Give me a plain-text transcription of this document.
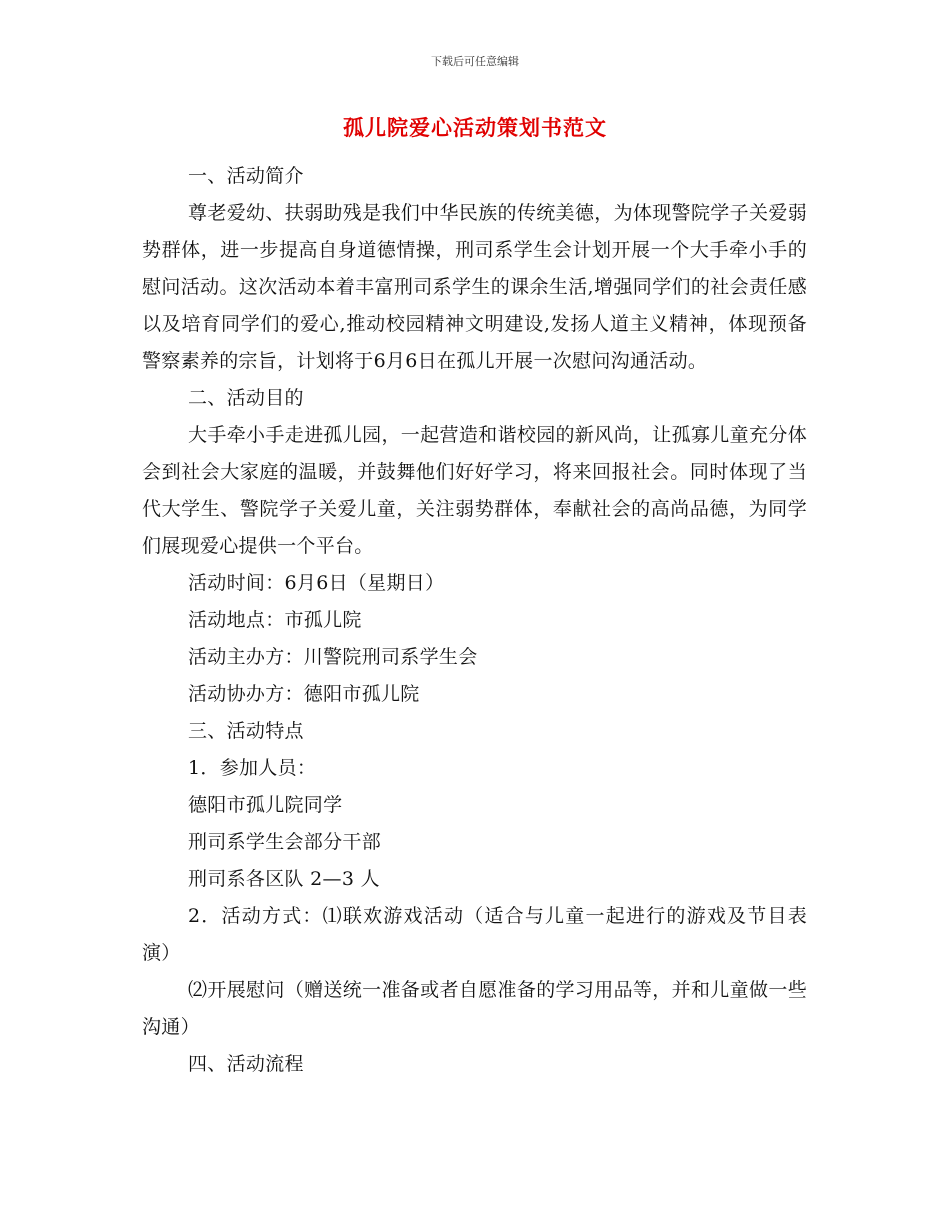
下载后可任意编辑
孤儿院爱心活动策划书范文

一、活动简介

尊老爱幼、扶弱助残是我们中华民族的传统美德，为体现警院学子关爱弱势群体，进一步提高自身道德情操，刑司系学生会计划开展一个大手牵小手的慰问活动。这次活动本着丰富刑司系学生的课余生活,增强同学们的社会责任感以及培育同学们的爱心,推动校园精神文明建设,发扬人道主义精神，体现预备警察素养的宗旨，计划将于6月6日在孤儿开展一次慰问沟通活动。

二、活动目的

大手牵小手走进孤儿园，一起营造和谐校园的新风尚，让孤寡儿童充分体会到社会大家庭的温暖，并鼓舞他们好好学习，将来回报社会。同时体现了当代大学生、警院学子关爱儿童，关注弱势群体，奉献社会的高尚品德，为同学们展现爱心提供一个平台。

活动时间：6月6日（星期日）

活动地点：市孤儿院

活动主办方：川警院刑司系学生会

活动协办方：德阳市孤儿院

三、活动特点

1．参加人员：

德阳市孤儿院同学

刑司系学生会部分干部

刑司系各区队 2—3 人

2．活动方式：⑴联欢游戏活动（适合与儿童一起进行的游戏及节目表演）

⑵开展慰问（赠送统一准备或者自愿准备的学习用品等，并和儿童做一些沟通）

四、活动流程
